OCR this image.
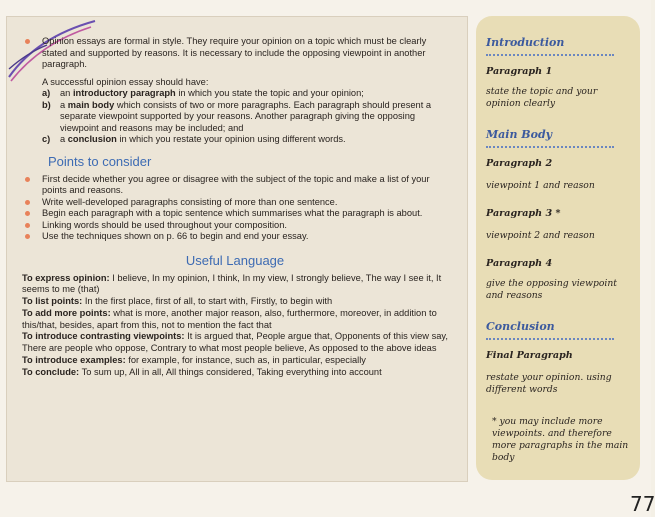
Opinion essays are formal in style. They require your opinion on a topic which must be clearly stated and supported by reasons. It is necessary to include the opposing viewpoint in another paragraph.
A successful opinion essay should have:
a) an introductory paragraph in which you state the topic and your opinion;
b) a main body which consists of two or more paragraphs. Each paragraph should present a separate viewpoint supported by your reasons. Another paragraph giving the opposing viewpoint and reasons may be included; and
c) a conclusion in which you restate your opinion using different words.
Points to consider
First decide whether you agree or disagree with the subject of the topic and make a list of your points and reasons.
Write well-developed paragraphs consisting of more than one sentence.
Begin each paragraph with a topic sentence which summarises what the paragraph is about.
Linking words should be used throughout your composition.
Use the techniques shown on p. 66 to begin and end your essay.
Useful Language
To express opinion: I believe, In my opinion, I think, In my view, I strongly believe, The way I see it, It seems to me (that)
To list points: In the first place, first of all, to start with, Firstly, to begin with
To add more points: what is more, another major reason, also, furthermore, moreover, in addition to this/that, besides, apart from this, not to mention the fact that
To introduce contrasting viewpoints: It is argued that, People argue that, Opponents of this view say, There are people who oppose, Contrary to what most people believe, As opposed to the above ideas
To introduce examples: for example, for instance, such as, in particular, especially
To conclude: To sum up, All in all, All things considered, Taking everything into account
Introduction
Paragraph 1
state the topic and your opinion clearly
Main Body
Paragraph 2
viewpoint 1 and reason
Paragraph 3 *
viewpoint 2 and reason
Paragraph 4
give the opposing viewpoint and reasons
Conclusion
Final Paragraph
restate your opinion. using different words
* you may include more viewpoints. and therefore more paragraphs in the main body
77
